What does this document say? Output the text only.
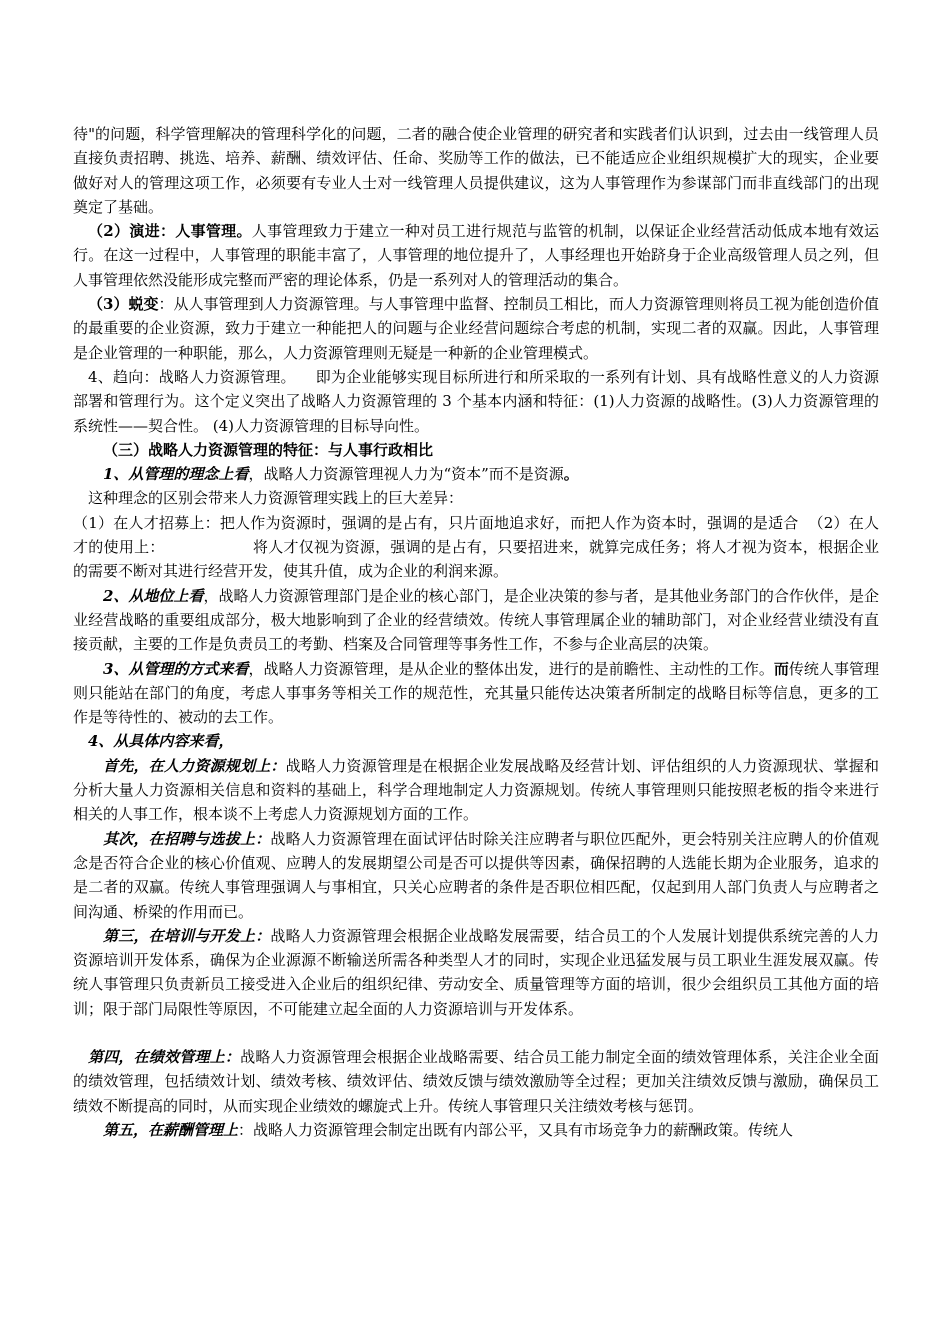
待"的问题，科学管理解决的管理科学化的问题，二者的融合使企业管理的研究者和实践者们认识到，过去由一线管理人员直接负责招聘、挑选、培养、薪酬、绩效评估、任命、奖励等工作的做法，已不能适应企业组织规模扩大的现实，企业要做好对人的管理这项工作，必须要有专业人士对一线管理人员提供建议，这为人事管理作为参谋部门而非直线部门的出现奠定了基础。

（2）演进：人事管理。人事管理致力于建立一种对员工进行规范与监管的机制，以保证企业经营活动低成本地有效运行。在这一过程中，人事管理的职能丰富了，人事管理的地位提升了，人事经理也开始跻身于企业高级管理人员之列，但人事管理依然没能形成完整而严密的理论体系，仍是一系列对人的管理活动的集合。

（3）蜕变：从人事管理到人力资源管理。与人事管理中监督、控制员工相比，而人力资源管理则将员工视为能创造价值的最重要的企业资源，致力于建立一种能把人的问题与企业经营问题综合考虑的机制，实现二者的双赢。因此，人事管理是企业管理的一种职能，那么，人力资源管理则无疑是一种新的企业管理模式。

4、趋向：战略人力资源管理。    即为企业能够实现目标所进行和所采取的一系列有计划、具有战略性意义的人力资源部署和管理行为。这个定义突出了战略人力资源管理的 3 个基本内涵和特征：(1)人力资源的战略性。(3)人力资源管理的系统性——契合性。 (4)人力资源管理的目标导向性。

（三）战略人力资源管理的特征：与人事行政相比

1、从管理的理念上看，战略人力资源管理视人力为“资本”而不是资源。

这种理念的区别会带来人力资源管理实践上的巨大差异：

（1）在人才招募上：把人作为资源时，强调的是占有，只片面地追求好，而把人作为资本时，强调的是适合  （2）在人才的使用上：	将人才仅视为资源，强调的是占有，只要招进来，就算完成任务；将人才视为资本，根据企业的需要不断对其进行经营开发，使其升值，成为企业的利润来源。

2、从地位上看，战略人力资源管理部门是企业的核心部门，是企业决策的参与者，是其他业务部门的合作伙伴，是企业经营战略的重要组成部分，极大地影响到了企业的经营绩效。传统人事管理属企业的辅助部门，对企业经营业绩没有直接贡献，主要的工作是负责员工的考勤、档案及合同管理等事务性工作，不参与企业高层的决策。

3、从管理的方式来看，战略人力资源管理，是从企业的整体出发，进行的是前瞻性、主动性的工作。而传统人事管理则只能站在部门的角度，考虑人事事务等相关工作的规范性，充其量只能传达决策者所制定的战略目标等信息，更多的工作是等待性的、被动的去工作。

4、从具体内容来看，

首先，在人力资源规划上：战略人力资源管理是在根据企业发展战略及经营计划、评估组织的人力资源现状、掌握和分析大量人力资源相关信息和资料的基础上，科学合理地制定人力资源规划。传统人事管理则只能按照老板的指令来进行相关的人事工作，根本谈不上考虑人力资源规划方面的工作。

其次，在招聘与选拔上：战略人力资源管理在面试评估时除关注应聘者与职位匹配外，更会特别关注应聘人的价值观念是否符合企业的核心价值观、应聘人的发展期望公司是否可以提供等因素，确保招聘的人选能长期为企业服务，追求的是二者的双赢。传统人事管理强调人与事相宜，只关心应聘者的条件是否职位相匹配，仅起到用人部门负责人与应聘者之间沟通、桥梁的作用而已。

第三，在培训与开发上：战略人力资源管理会根据企业战略发展需要，结合员工的个人发展计划提供系统完善的人力资源培训开发体系，确保为企业源源不断输送所需各种类型人才的同时，实现企业迅猛发展与员工职业生涯发展双赢。传统人事管理只负责新员工接受进入企业后的组织纪律、劳动安全、质量管理等方面的培训，很少会组织员工其他方面的培训；限于部门局限性等原因，不可能建立起全面的人力资源培训与开发体系。

第四，在绩效管理上：战略人力资源管理会根据企业战略需要、结合员工能力制定全面的绩效管理体系，关注企业全面的绩效管理，包括绩效计划、绩效考核、绩效评估、绩效反馈与绩效激励等全过程；更加关注绩效反馈与激励，确保员工绩效不断提高的同时，从而实现企业绩效的螺旋式上升。传统人事管理只关注绩效考核与惩罚。

第五，在薪酬管理上：战略人力资源管理会制定出既有内部公平，又具有市场竞争力的薪酬政策。传统人
